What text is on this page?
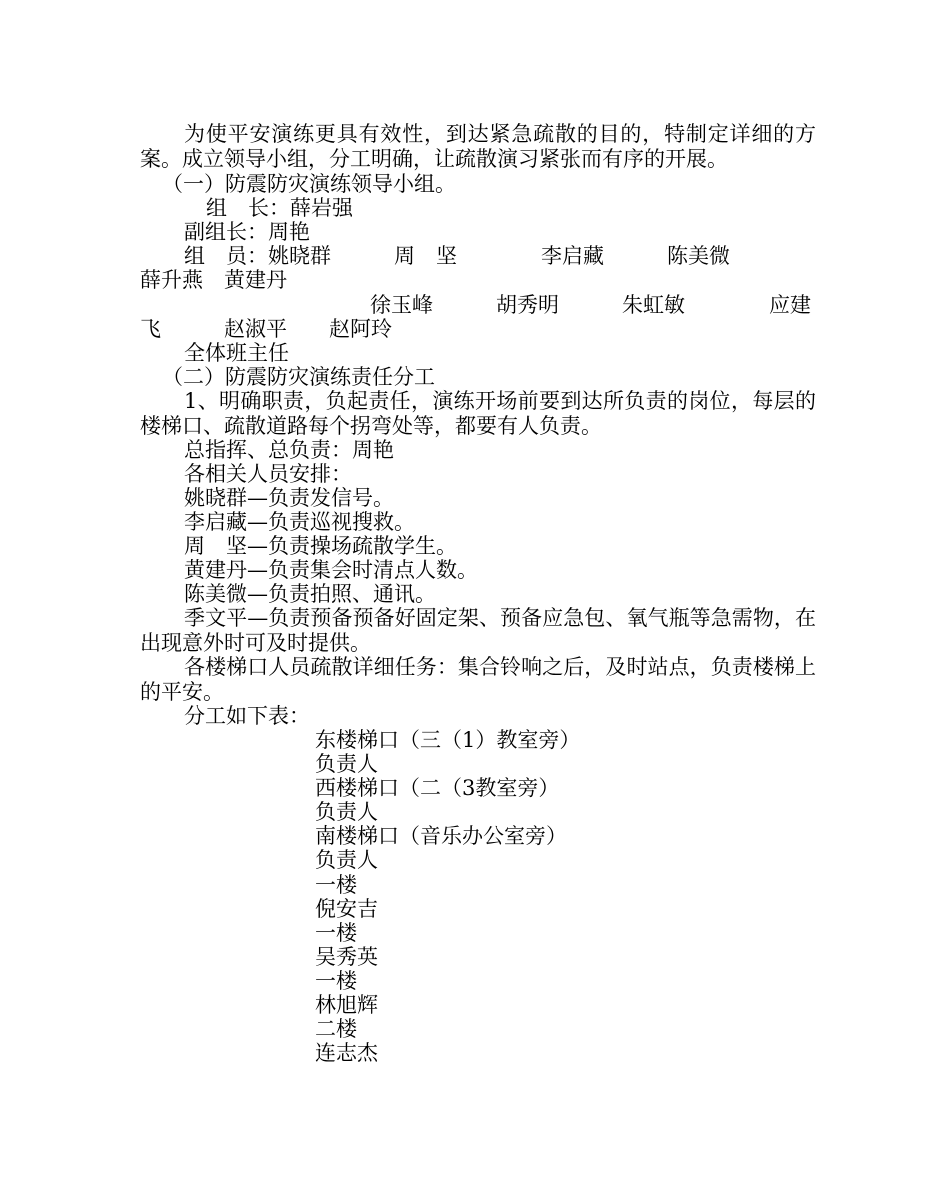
为使平安演练更具有效性，到达紧急疏散的目的，特制定详细的方案。成立领导小组，分工明确，让疏散演习紧张而有序的开展。
（一）防震防灾演练领导小组。
组　长：薛岩强
副组长：周艳
组　员：姚晓群　　　周　坚　　　　李启藏　　　陈美微
薛升燕　黄建丹
徐玉峰　　　胡秀明　　　朱虹敏　　　　应建
飞　　　赵淑平　　赵阿玲
全体班主任
（二）防震防灾演练责任分工
1、明确职责，负起责任，演练开场前要到达所负责的岗位，每层的楼梯口、疏散道路每个拐弯处等，都要有人负责。
总指挥、总负责：周艳
各相关人员安排：
姚晓群—负责发信号。
李启藏—负责巡视搜救。
周　坚—负责操场疏散学生。
黄建丹—负责集会时清点人数。
陈美微—负责拍照、通讯。
季文平—负责预备预备好固定架、预备应急包、氧气瓶等急需物，在出现意外时可及时提供。
各楼梯口人员疏散详细任务：集合铃响之后，及时站点，负责楼梯上的平安。
分工如下表：
东楼梯口（三（1）教室旁）
负责人
西楼梯口（二（3教室旁）
负责人
南楼梯口（音乐办公室旁）
负责人
一楼
倪安吉
一楼
吴秀英
一楼
林旭辉
二楼
连志杰
